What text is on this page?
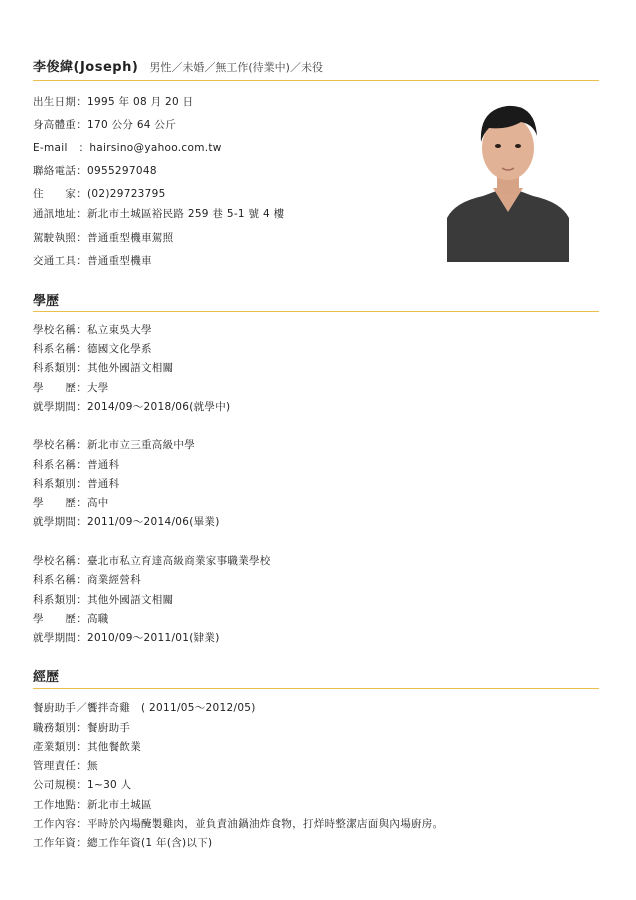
李俊緯(Joseph) 男性／未婚／無工作(待業中)／未役
出生日期：1995 年 08 月 20 日
身高體重：170 公分 64 公斤
E-mail　：hairsino@yahoo.com.tw
聯絡電話：0955297048
住　　家：(02)29723795
通訊地址：新北市土城區裕民路 259 巷 5-1 號 4 樓
駕駛執照：普通重型機車駕照
交通工具：普通重型機車
學歷
學校名稱：私立東吳大學
科系名稱：德國文化學系
科系類別：其他外國語文相關
學　　歷：大學
就學期間：2014/09～2018/06(就學中)
學校名稱：新北市立三重高級中學
科系名稱：普通科
科系類別：普通科
學　　歷：高中
就學期間：2011/09～2014/06(畢業)
學校名稱：臺北市私立育達高級商業家事職業學校
科系名稱：商業經營科
科系類別：其他外國語文相關
學　　歷：高職
就學期間：2010/09～2011/01(肄業)
經歷
餐廚助手／饗拌奇雞　( 2011/05～2012/05)
職務類別：餐廚助手
產業類別：其他餐飲業
管理責任：無
公司規模：1~30 人
工作地點：新北市土城區
工作內容：平時於內場醃製雞肉，並負責油鍋油炸食物，打烊時整潔店面與內場廚房。
工作年資：總工作年資(1 年(含)以下)
